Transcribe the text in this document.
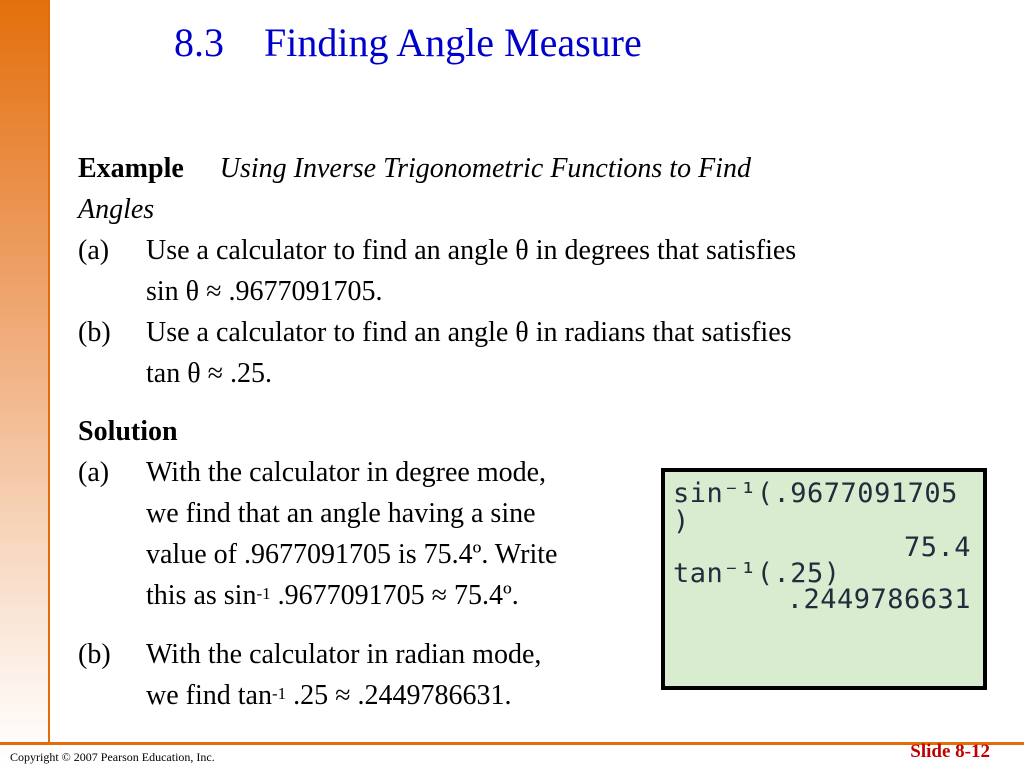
8.3 Finding Angle Measure
Example Using Inverse Trigonometric Functions to Find
Angles
(a) Use a calculator to find an angle θ in degrees that satisfies
sin θ ≈ .9677091705.
(b) Use a calculator to find an angle θ in radians that satisfies
tan θ ≈ .25.
Solution
(a) With the calculator in degree mode,
we find that an angle having a sine
value of .9677091705 is 75.4º. Write
this as $\sin^{-1} .9677091705$ ≈ 75.4º.
(b) With the calculator in radian mode,
we find $\tan^{-1} .25 \approx .2449786631$.
sin⁻¹(.9677091705
)
75.4
tan⁻¹(.25)
.2449786631
Copyright © 2007 Pearson Education, Inc.	Slide 8-12
